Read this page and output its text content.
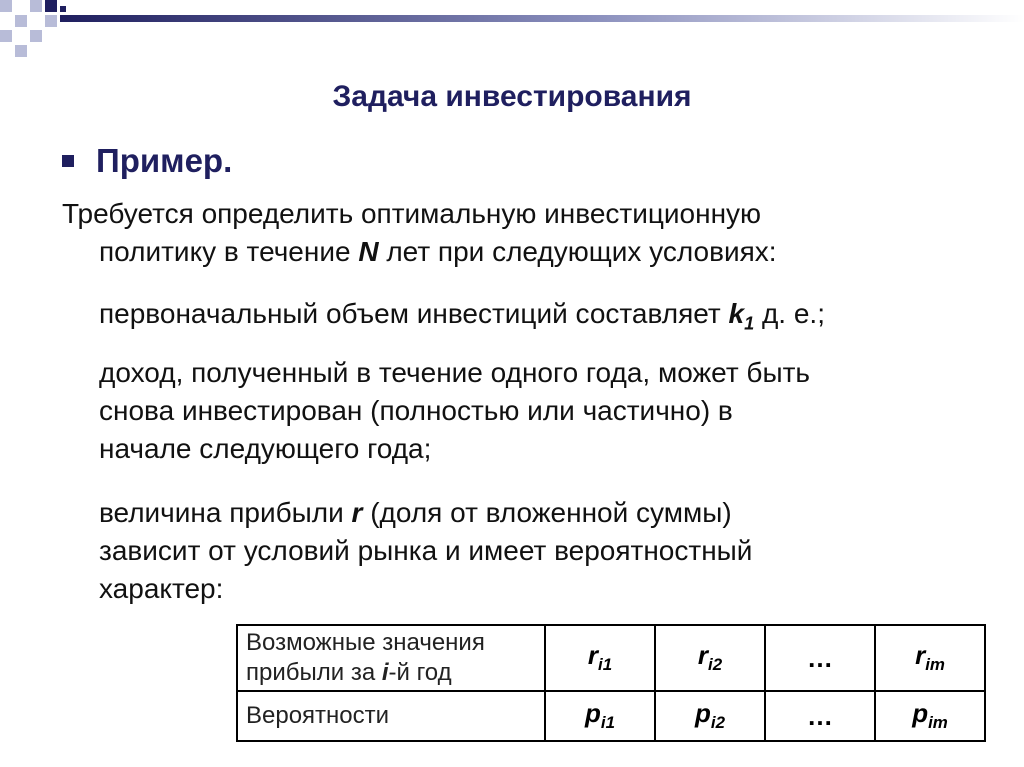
Задача инвестирования
Пример.
Требуется определить оптимальную инвестиционную
политику в течение N лет при следующих условиях:
первоначальный объем инвестиций составляет $k_1$ д. е.;
доход, полученный в течение одного года, может быть
снова инвестирован (полностью или частично) в
начале следующего года;
величина прибыли r (доля от вложенной суммы)
зависит от условий рынка и имеет вероятностный
характер:
Возможные значения
прибыли за i-й год	$r_{i1}$	$r_{i2}$	…	$r_{im}$
Вероятности	$p_{i1}$	$p_{i2}$	…	$p_{im}$
